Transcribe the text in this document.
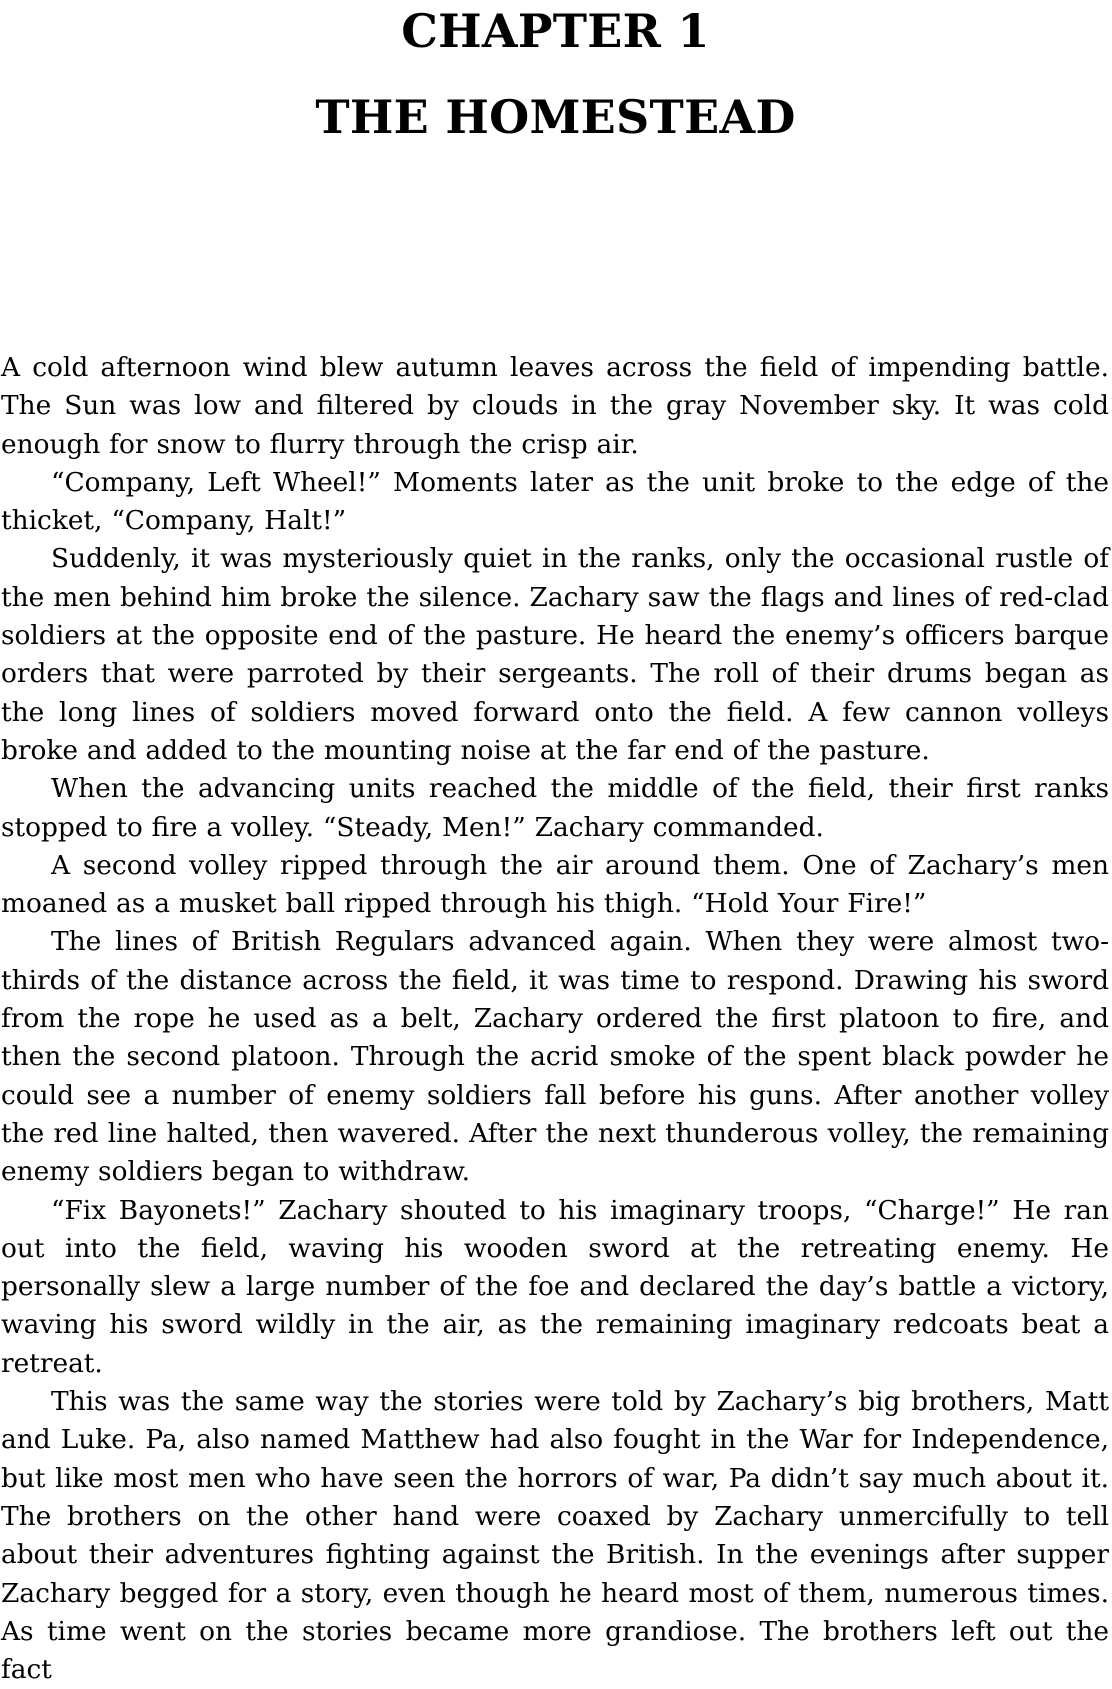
CHAPTER 1
THE HOMESTEAD

A cold afternoon wind blew autumn leaves across the field of impending battle. The Sun was low and filtered by clouds in the gray November sky. It was cold enough for snow to flurry through the crisp air.

“Company, Left Wheel!” Moments later as the unit broke to the edge of the thicket, “Company, Halt!”

Suddenly, it was mysteriously quiet in the ranks, only the occasional rustle of the men behind him broke the silence. Zachary saw the flags and lines of red-clad soldiers at the opposite end of the pasture. He heard the enemy’s officers barque orders that were parroted by their sergeants. The roll of their drums began as the long lines of soldiers moved forward onto the field. A few cannon volleys broke and added to the mounting noise at the far end of the pasture.

When the advancing units reached the middle of the field, their first ranks stopped to fire a volley. “Steady, Men!” Zachary commanded.

A second volley ripped through the air around them. One of Zachary’s men moaned as a musket ball ripped through his thigh. “Hold Your Fire!”

The lines of British Regulars advanced again. When they were almost two-thirds of the distance across the field, it was time to respond. Drawing his sword from the rope he used as a belt, Zachary ordered the first platoon to fire, and then the second platoon. Through the acrid smoke of the spent black powder he could see a number of enemy soldiers fall before his guns. After another volley the red line halted, then wavered. After the next thunderous volley, the remaining enemy soldiers began to withdraw.

“Fix Bayonets!” Zachary shouted to his imaginary troops, “Charge!” He ran out into the field, waving his wooden sword at the retreating enemy. He personally slew a large number of the foe and declared the day’s battle a victory, waving his sword wildly in the air, as the remaining imaginary redcoats beat a retreat.

This was the same way the stories were told by Zachary’s big brothers, Matt and Luke. Pa, also named Matthew had also fought in the War for Independence, but like most men who have seen the horrors of war, Pa didn’t say much about it. The brothers on the other hand were coaxed by Zachary unmercifully to tell about their adventures fighting against the British. In the evenings after supper Zachary begged for a story, even though he heard most of them, numerous times. As time went on the stories became more grandiose. The brothers left out the fact
